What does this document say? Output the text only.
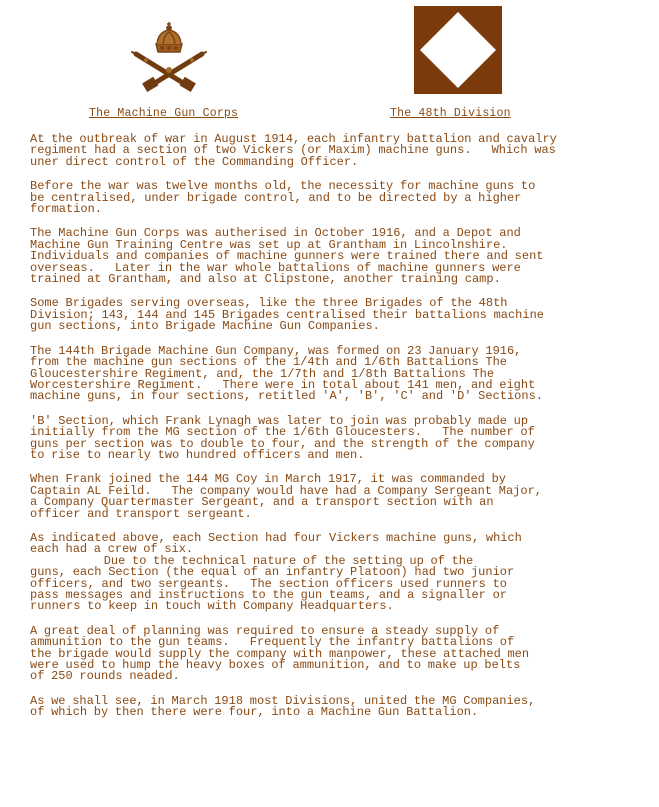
The Machine Gun Corps	The 48th Division

At the outbreak of war in August 1914, each infantry battalion and cavalry
regiment had a section of two Vickers (or Maxim) machine guns.   Which was
uner direct control of the Commanding Officer.

Before the war was twelve months old, the necessity for machine guns to
be centralised, under brigade control, and to be directed by a higher
formation.

The Machine Gun Corps was autherised in October 1916, and a Depot and
Machine Gun Training Centre was set up at Grantham in Lincolnshire.
Individuals and companies of machine gunners were trained there and sent
overseas.   Later in the war whole battalions of machine gunners were
trained at Grantham, and also at Clipstone, another training camp.

Some Brigades serving overseas, like the three Brigades of the 48th
Division; 143, 144 and 145 Brigades centralised their battalions machine
gun sections, into Brigade Machine Gun Companies.

The 144th Brigade Machine Gun Company, was formed on 23 January 1916,
from the machine gun sections of the 1/4th and 1/6th Battalions The
Gloucestershire Regiment, and, the 1/7th and 1/8th Battalions The
Worcestershire Regiment.   There were in total about 141 men, and eight
machine guns, in four sections, retitled 'A', 'B', 'C' and 'D' Sections.

'B' Section, which Frank Lynagh was later to join was probably made up
initially from the MG section of the 1/6th Gloucesters.   The number of
guns per section was to double to four, and the strength of the company
to rise to nearly two hundred officers and men.

When Frank joined the 144 MG Coy in March 1917, it was commanded by
Captain AL Feild.   The company would have had a Company Sergeant Major,
a Company Quartermaster Sergeant, and a transport section with an
officer and transport sergeant.

As indicated above, each Section had four Vickers machine guns, which
each had a crew of six.
Due to the technical nature of the setting up of the
guns, each Section (the equal of an infantry Platoon) had two junior
officers, and two sergeants.   The section officers used runners to
pass messages and instructions to the gun teams, and a signaller or
runners to keep in touch with Company Headquarters.

A great deal of planning was required to ensure a steady supply of
ammunition to the gun teams.   Frequently the infantry battalions of
the brigade would supply the company with manpower, these attached men
were used to hump the heavy boxes of ammunition, and to make up belts
of 250 rounds neaded.

As we shall see, in March 1918 most Divisions, united the MG Companies,
of which by then there were four, into a Machine Gun Battalion.
